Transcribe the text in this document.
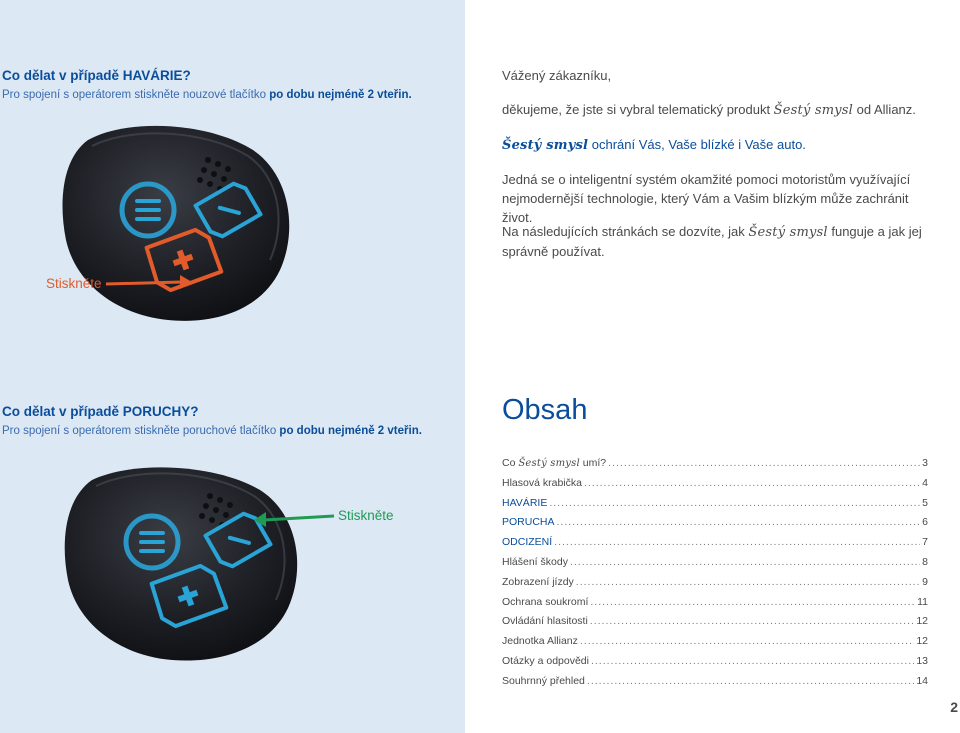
Co dělat v případě HAVÁRIE?

Pro spojení s operátorem stiskněte nouzové tlačítko po dobu nejméně 2 vteřin.

Stiskněte

Co dělat v případě PORUCHY?

Pro spojení s operátorem stiskněte poruchové tlačítko po dobu nejméně 2 vteřin.

Stiskněte

Vážený zákazníku,

děkujeme, že jste si vybral telematický produkt Šestý smysl od Allianz.

Šestý smysl ochrání Vás, Vaše blízké i Vaše auto.

Jedná se o inteligentní systém okamžité pomoci motoristům využívající nejmodernější technologie, který Vám a Vašim blízkým může zachránit život.

Na následujících stránkách se dozvíte, jak Šestý smysl funguje a jak jej správně používat.

Obsah
Co Šestý smysl umí? .....	3
Hlasová krabička .....	4
HAVÁRIE .....	5
PORUCHA .....	6
ODCIZENÍ .....	7
Hlášení škody .....	8
Zobrazení jízdy .....	9
Ochrana soukromí .....	11
Ovládání hlasitosti .....	12
Jednotka Allianz .....	12
Otázky a odpovědi .....	13
Souhrnný přehled .....	14
2
